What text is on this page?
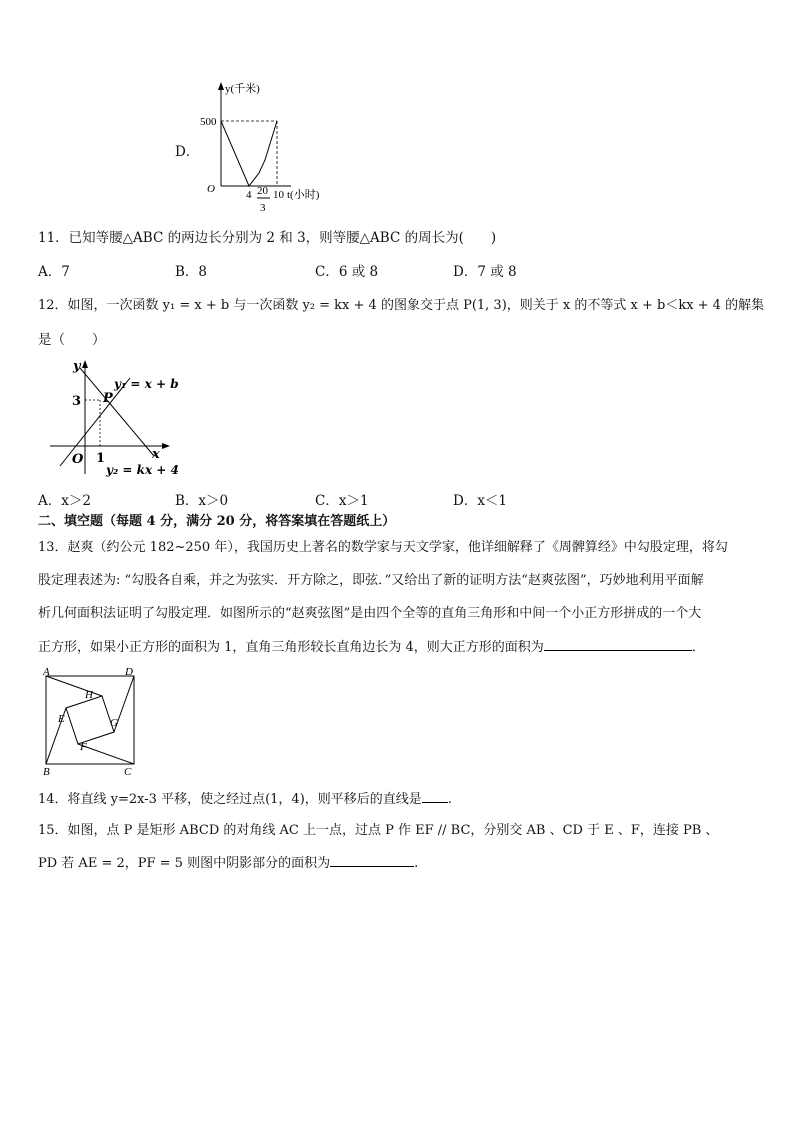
D．
y(千米)
500
O	4 20
3
10 t(小时)
11．已知等腰△ABC 的两边长分别为 2 和 3，则等腰△ABC 的周长为(　　)
A．7	B．8	C．6 或 8	D．7 或 8
12．如图，一次函数 y₁ = x + b 与一次函数 y₂ = kx + 4 的图象交于点 P(1, 3)，则关于 x 的不等式 x + b＜kx + 4 的解集
是（　　）
y
x
O
3
1
P
y₁ = x + b
y₂ = kx + 4
A．x＞2	B．x＞0	C．x＞1	D．x＜1
二、填空题（每题 4 分，满分 20 分，将答案填在答题纸上）
13．赵爽（约公元 182~250 年），我国历史上著名的数学家与天文学家，他详细解释了《周髀算经》中勾股定理，将勾
股定理表述为: “勾股各自乘，并之为弦实．开方除之，即弦．”又给出了新的证明方法“赵爽弦图”，巧妙地利用平面解
析几何面积法证明了勾股定理．如图所示的“赵爽弦图”是由四个全等的直角三角形和中间一个小正方形拼成的一个大
正方形，如果小正方形的面积为 1，直角三角形较长直角边长为 4，则大正方形的面积为	．
A	D
H
E	G
F
B	C
14．将直线 y=2x-3 平移，使之经过点(1，4)，则平移后的直线是 .
15．如图，点 P 是矩形 ABCD 的对角线 AC 上一点，过点 P 作 EF // BC，分别交 AB 、CD 于 E 、F，连接 PB 、
PD 若 AE = 2，PF = 5 则图中阴影部分的面积为	.
